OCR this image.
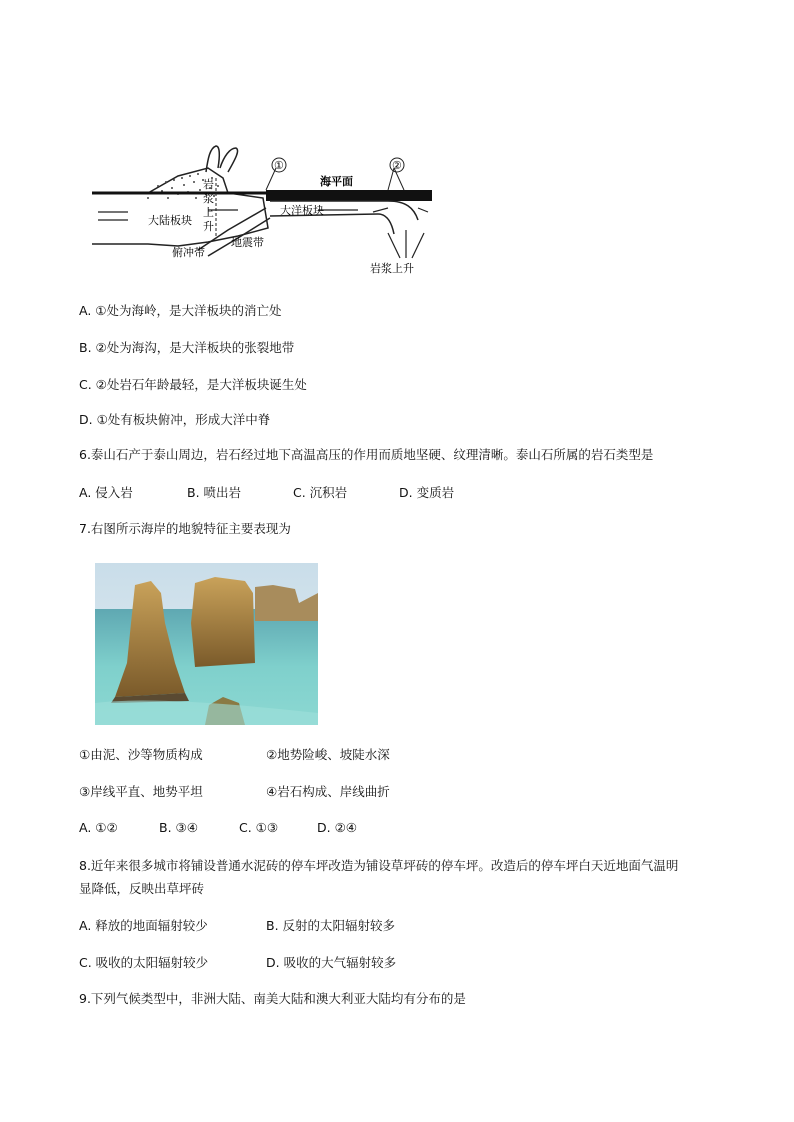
①	②
海平面
岩
浆
上
升
大陆板块
大洋板块
俯冲带
地震带
岩浆上升
A. ①处为海岭，是大洋板块的消亡处
B. ②处为海沟，是大洋板块的张裂地带
C. ②处岩石年龄最轻，是大洋板块诞生处
D. ①处有板块俯冲，形成大洋中脊
6.泰山石产于泰山周边，岩石经过地下高温高压的作用而质地坚硬、纹理清晰。泰山石所属的岩石类型是
A. 侵入岩	B. 喷出岩	C. 沉积岩	D. 变质岩
7.右图所示海岸的地貌特征主要表现为
①由泥、沙等物质构成	②地势险峻、坡陡水深
③岸线平直、地势平坦	④岩石构成、岸线曲折
A. ①②	B. ③④	C. ①③	D. ②④
8.近年来很多城市将铺设普通水泥砖的停车坪改造为铺设草坪砖的停车坪。改造后的停车坪白天近地面气温明
显降低，反映出草坪砖
A. 释放的地面辐射较少	B. 反射的太阳辐射较多
C. 吸收的太阳辐射较少	D. 吸收的大气辐射较多
9.下列气候类型中，非洲大陆、南美大陆和澳大利亚大陆均有分布的是
